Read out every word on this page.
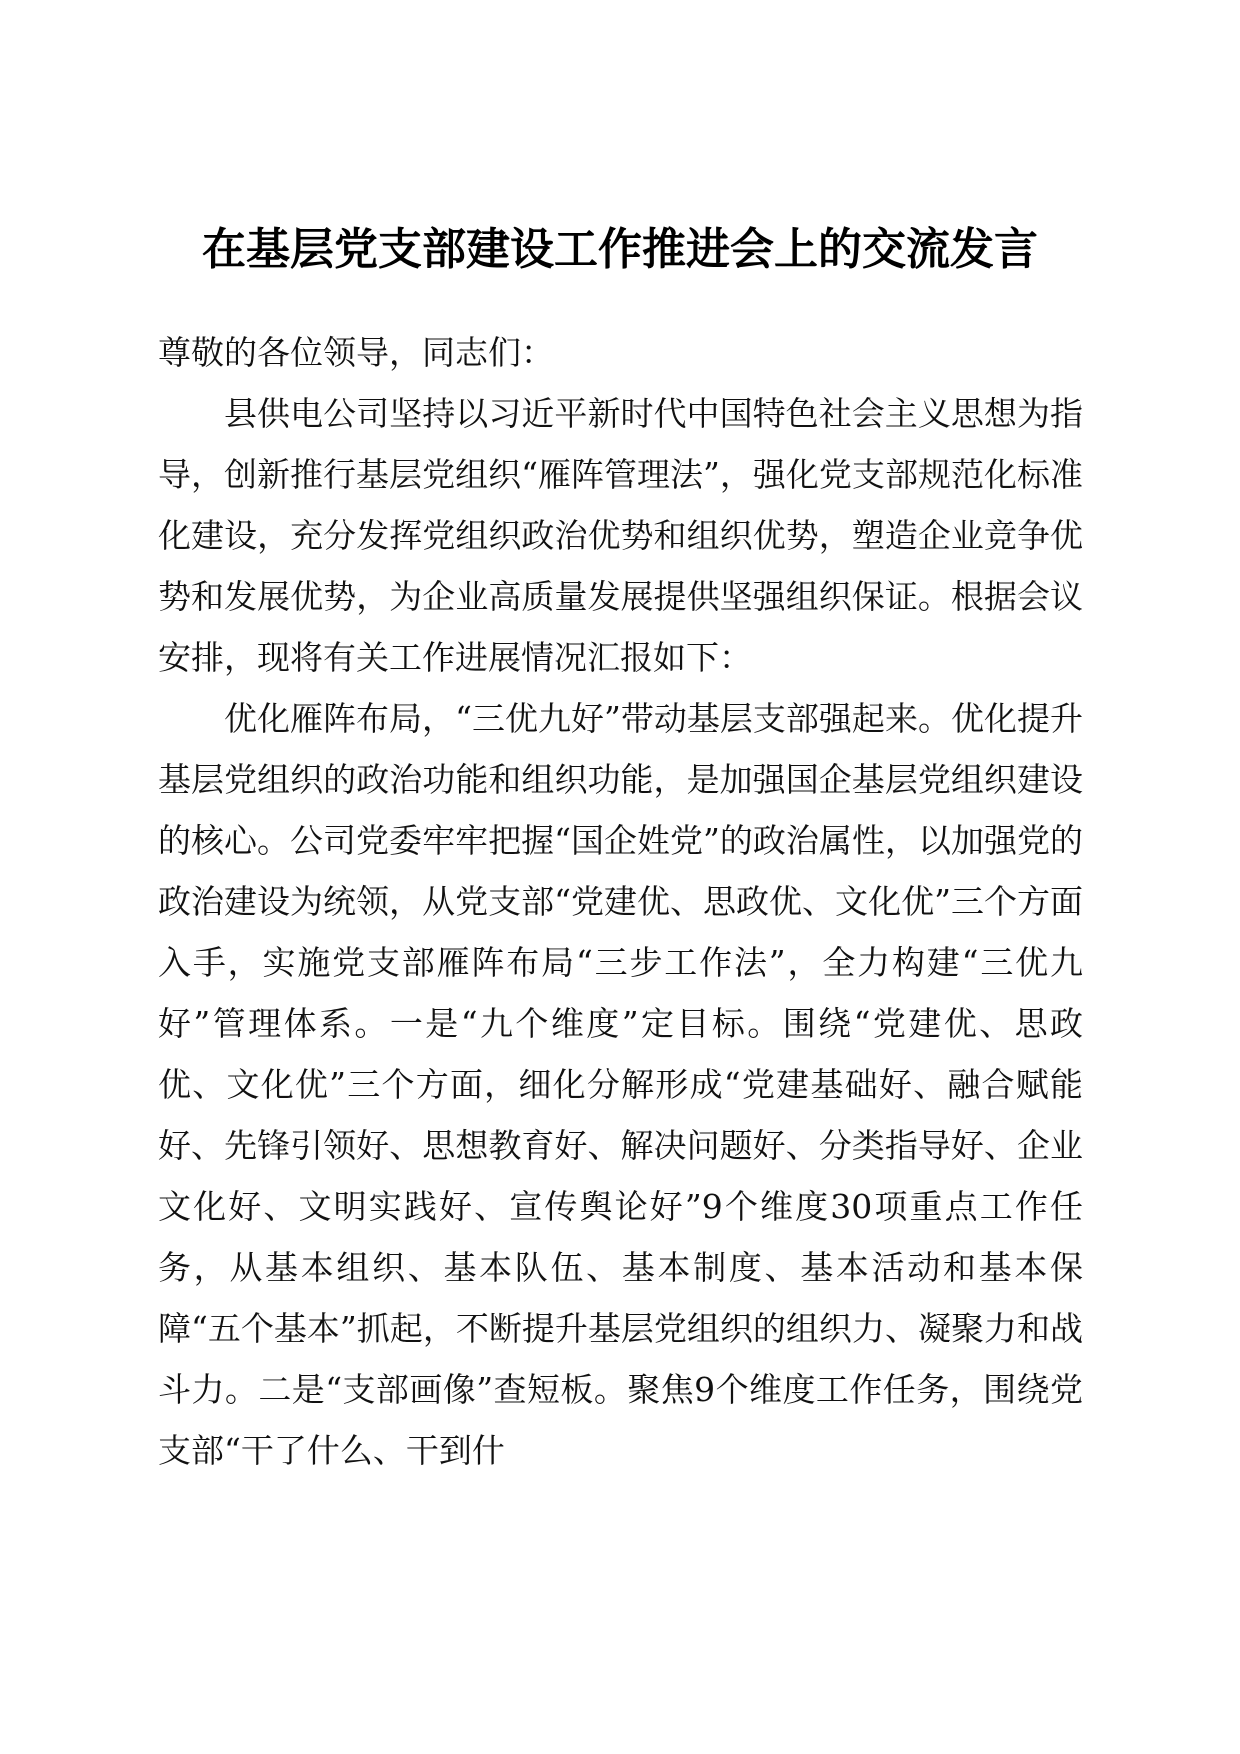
在基层党支部建设工作推进会上的交流发言

尊敬的各位领导，同志们：

县供电公司坚持以习近平新时代中国特色社会主义思想为指导，创新推行基层党组织“雁阵管理法”，强化党支部规范化标准化建设，充分发挥党组织政治优势和组织优势，塑造企业竞争优势和发展优势，为企业高质量发展提供坚强组织保证。根据会议安排，现将有关工作进展情况汇报如下：

优化雁阵布局，“三优九好”带动基层支部强起来。优化提升基层党组织的政治功能和组织功能，是加强国企基层党组织建设的核心。公司党委牢牢把握“国企姓党”的政治属性，以加强党的政治建设为统领，从党支部“党建优、思政优、文化优”三个方面入手，实施党支部雁阵布局“三步工作法”，全力构建“三优九好”管理体系。一是“九个维度”定目标。围绕“党建优、思政优、文化优”三个方面，细化分解形成“党建基础好、融合赋能好、先锋引领好、思想教育好、解决问题好、分类指导好、企业文化好、文明实践好、宣传舆论好”9个维度30项重点工作任务，从基本组织、基本队伍、基本制度、基本活动和基本保障“五个基本”抓起，不断提升基层党组织的组织力、凝聚力和战斗力。二是“支部画像”查短板。聚焦9个维度工作任务，围绕党支部“干了什么、干到什
